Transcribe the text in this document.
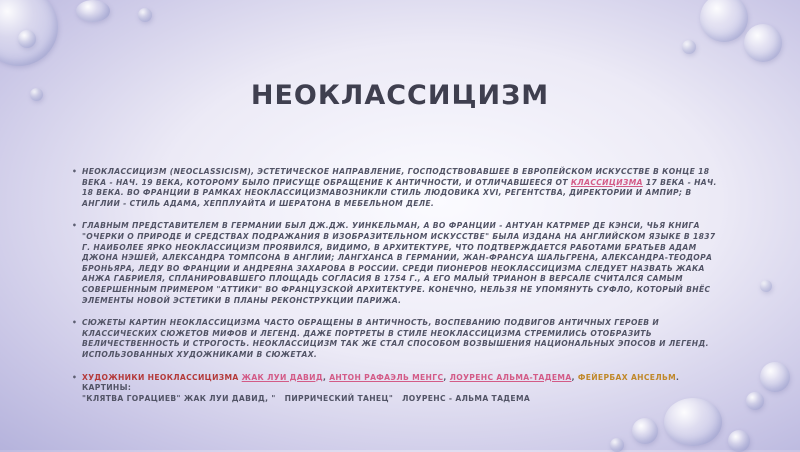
НЕОКЛАССИЦИЗМ
• НЕОКЛАССИЦИЗМ (NEOCLASSICISM), ЭСТЕТИЧЕСКОЕ НАПРАВЛЕНИЕ, ГОСПОДСТВОВАВШЕЕ В ЕВРОПЕЙСКОМ ИСКУССТВЕ В КОНЦЕ 18 ВЕКА - НАЧ. 19 ВЕКА, КОТОРОМУ БЫЛО ПРИСУЩЕ ОБРАЩЕНИЕ К АНТИЧНОСТИ, И ОТЛИЧАВШЕЕСЯ ОТ КЛАССИЦИЗМА 17 ВЕКА - НАЧ. 18 ВЕКА. ВО ФРАНЦИИ В РАМКАХ НЕОКЛАССИЦИЗМАВОЗНИКЛИ СТИЛЬ ЛЮДОВИКА XVI, РЕГЕНТСТВА, ДИРЕКТОРИИ И АМПИР; В АНГЛИИ - СТИЛЬ АДАМА, ХЕППЛУАЙТА И ШЕРАТОНА В МЕБЕЛЬНОМ ДЕЛЕ.
• ГЛАВНЫМ ПРЕДСТАВИТЕЛЕМ В ГЕРМАНИИ БЫЛ ДЖ.ДЖ. УИНКЕЛЬМАН, А ВО ФРАНЦИИ - АНТУАН КАТРМЕР ДЕ КЭНСИ, ЧЬЯ КНИГА "ОЧЕРКИ О ПРИРОДЕ И СРЕДСТВАХ ПОДРАЖАНИЯ В ИЗОБРАЗИТЕЛЬНОМ ИСКУССТВЕ" БЫЛА ИЗДАНА НА АНГЛИЙСКОМ ЯЗЫКЕ В 1837 Г. НАИБОЛЕЕ ЯРКО НЕОКЛАССИЦИЗМ ПРОЯВИЛСЯ, ВИДИМО, В АРХИТЕКТУРЕ, ЧТО ПОДТВЕРЖДАЕТСЯ РАБОТАМИ БРАТЬЕВ АДАМ ДЖОНА НЭШЕЙ, АЛЕКСАНДРА ТОМПСОНА В АНГЛИИ; ЛАНГХАНСА В ГЕРМАНИИ, ЖАН-ФРАНСУА ШАЛЬГРЕНА, АЛЕКСАНДРА-ТЕОДОРА БРОНЬЯРА, ЛЕДУ ВО ФРАНЦИИ И АНДРЕЯНА ЗАХАРОВА В РОССИИ. СРЕДИ ПИОНЕРОВ НЕОКЛАССИЦИЗМА СЛЕДУЕТ НАЗВАТЬ ЖАКА АНЖА ГАБРИЕЛЯ, СПЛАНИРОВАВШЕГО ПЛОЩАДЬ СОГЛАСИЯ В 1754 Г., А ЕГО МАЛЫЙ ТРИАНОН В ВЕРСАЛЕ СЧИТАЛСЯ САМЫМ СОВЕРШЕННЫМ ПРИМЕРОМ "АТТИКИ" ВО ФРАНЦУЗСКОЙ АРХИТЕКТУРЕ. КОНЕЧНО, НЕЛЬЗЯ НЕ УПОМЯНУТЬ СУФЛО, КОТОРЫЙ ВНЁС ЭЛЕМЕНТЫ НОВОЙ ЭСТЕТИКИ В ПЛАНЫ РЕКОНСТРУКЦИИ ПАРИЖА.
• СЮЖЕТЫ КАРТИН НЕОКЛАССИЦИЗМА ЧАСТО ОБРАЩЕНЫ В АНТИЧНОСТЬ, ВОСПЕВАНИЮ ПОДВИГОВ АНТИЧНЫХ ГЕРОЕВ И КЛАССИЧЕСКИХ СЮЖЕТОВ МИФОВ И ЛЕГЕНД. ДАЖЕ ПОРТРЕТЫ В СТИЛЕ НЕОКЛАССИЦИЗМА СТРЕМИЛИСЬ ОТОБРАЗИТЬ ВЕЛИЧЕСТВЕННОСТЬ И СТРОГОСТЬ. НЕОКЛАССИЦИЗМ ТАК ЖЕ СТАЛ СПОСОБОМ ВОЗВЫШЕНИЯ НАЦИОНАЛЬНЫХ ЭПОСОВ И ЛЕГЕНД. ИСПОЛЬЗОВАННЫХ ХУДОЖНИКАМИ В СЮЖЕТАХ.
• ХУДОЖНИКИ НЕОКЛАССИЦИЗМА ЖАК ЛУИ ДАВИД, АНТОН РАФАЭЛЬ МЕНГС, ЛОУРЕНС АЛЬМА-ТАДЕМА, ФЕЙЕРБАХ АНСЕЛЬМ. КАРТИНЫ:
"КЛЯТВА ГОРАЦИЕВ" ЖАК ЛУИ ДАВИД, "   ПИРРИЧЕСКИЙ ТАНЕЦ"   ЛОУРЕНС - АЛЬМА ТАДЕМА
